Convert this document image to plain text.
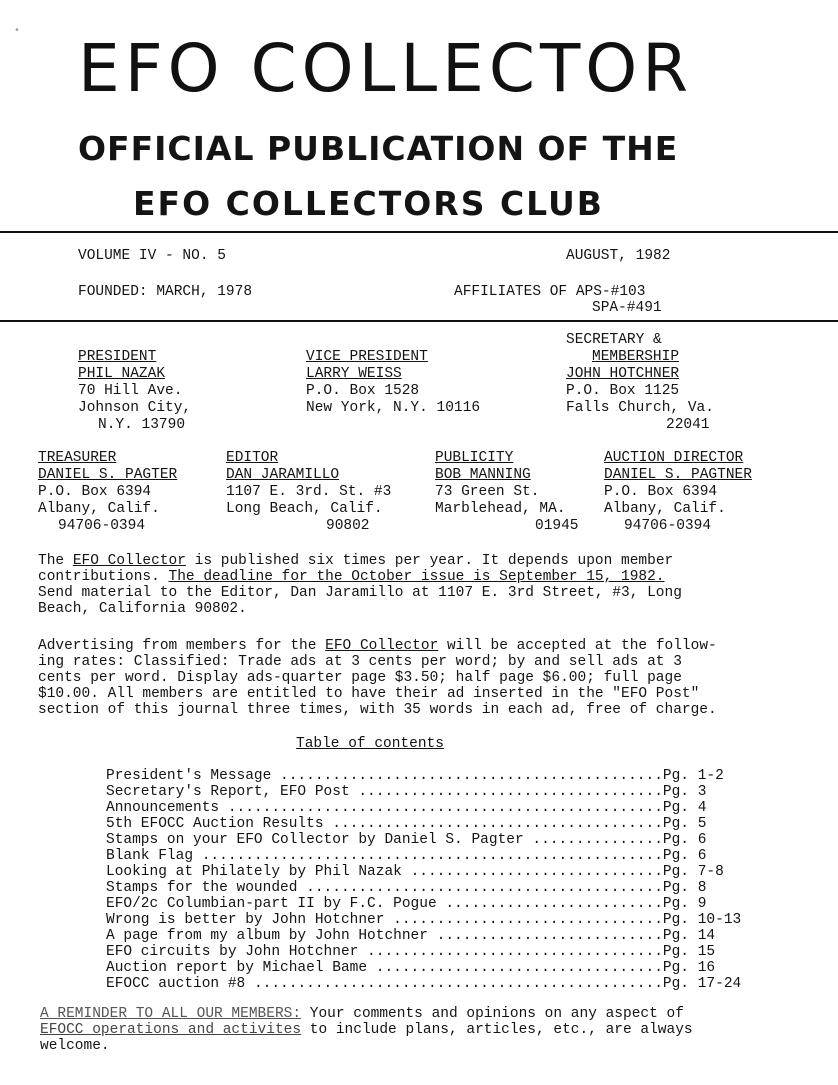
• EFO COLLECTOR
OFFICIAL PUBLICATION OF THE
EFO COLLECTORS CLUB
VOLUME IV - NO. 5	AUGUST, 1982
FOUNDED: MARCH, 1978	AFFILIATES OF APS-#103
SPA-#491
PRESIDENT
PHIL NAZAK
70 Hill Ave.
Johnson City,
N.Y. 13790
VICE PRESIDENT
LARRY WEISS
P.O. Box 1528
New York, N.Y. 10116
SECRETARY &
MEMBERSHIP
JOHN HOTCHNER
P.O. Box 1125
Falls Church, Va.
22041
TREASURER
DANIEL S. PAGTER
P.O. Box 6394
Albany, Calif.
94706-0394
EDITOR
DAN JARAMILLO
1107 E. 3rd. St. #3
Long Beach, Calif.
90802
PUBLICITY
BOB MANNING
73 Green St.
Marblehead, MA.
01945
AUCTION DIRECTOR
DANIEL S. PAGTNER
P.O. Box 6394
Albany, Calif.
94706-0394
The EFO Collector is published six times per year. It depends upon member
contributions. The deadline for the October issue is September 15, 1982.
Send material to the Editor, Dan Jaramillo at 1107 E. 3rd Street, #3, Long
Beach, California 90802.
Advertising from members for the EFO Collector will be accepted at the follow-
ing rates: Classified: Trade ads at 3 cents per word; by and sell ads at 3
cents per word. Display ads-quarter page $3.50; half page $6.00; full page
$10.00. All members are entitled to have their ad inserted in the "EFO Post"
section of this journal three times, with 35 words in each ad, free of charge.
Table of contents
President's Message ............................................Pg. 1-2
Secretary's Report, EFO Post ...................................Pg. 3
Announcements ..................................................Pg. 4
5th EFOCC Auction Results ......................................Pg. 5
Stamps on your EFO Collector by Daniel S. Pagter ...............Pg. 6
Blank Flag .....................................................Pg. 6
Looking at Philately by Phil Nazak .............................Pg. 7-8
Stamps for the wounded .........................................Pg. 8
EFO/2c Columbian-part II by F.C. Pogue .........................Pg. 9
Wrong is better by John Hotchner ...............................Pg. 10-13
A page from my album by John Hotchner ..........................Pg. 14
EFO circuits by John Hotchner ..................................Pg. 15
Auction report by Michael Bame .................................Pg. 16
EFOCC auction #8 ...............................................Pg. 17-24
A REMINDER TO ALL OUR MEMBERS: Your comments and opinions on any aspect of
EFOCC operations and activites to include plans, articles, etc., are always
welcome.
